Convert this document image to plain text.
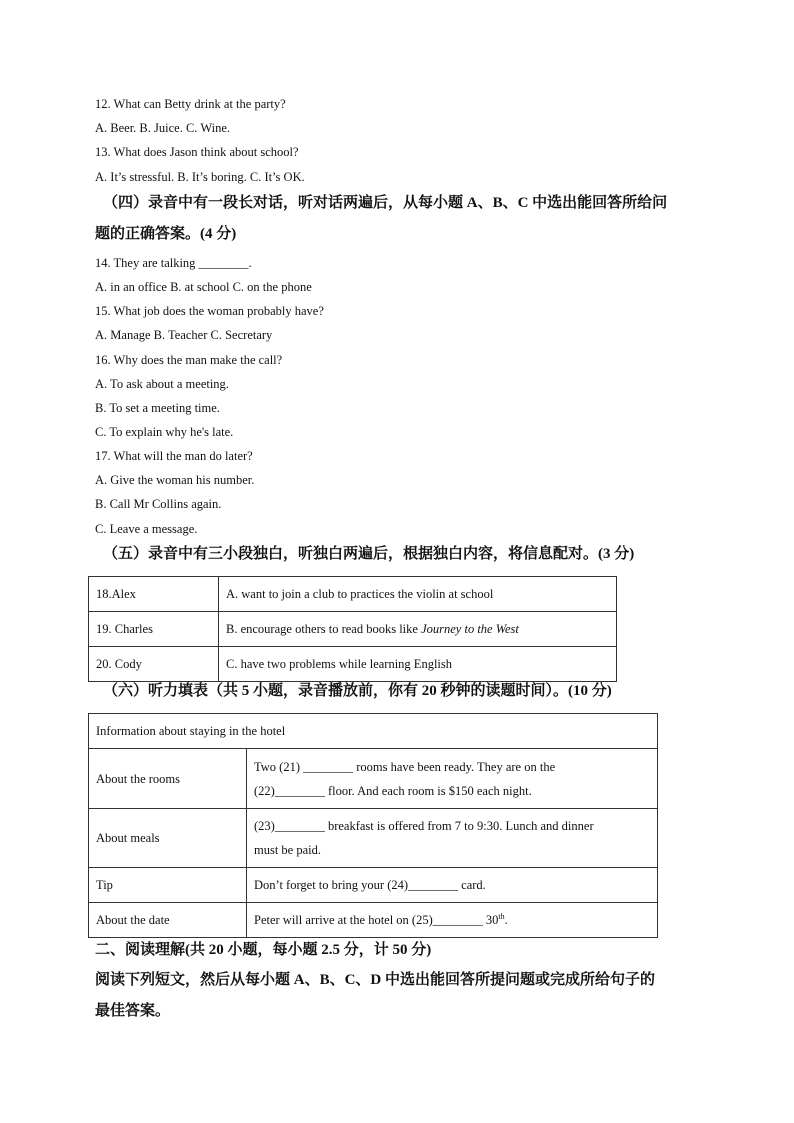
12. What can Betty drink at the party?
A. Beer. B. Juice. C. Wine.
13. What does Jason think about school?
A. It’s stressful. B. It’s boring. C. It’s OK.
（四）录音中有一段长对话，听对话两遍后，从每小题 A、B、C 中选出能回答所给问
题的正确答案。(4 分)
14. They are talking ________.
A. in an office B. at school C. on the phone
15. What job does the woman probably have?
A. Manage B. Teacher C. Secretary
16. Why does the man make the call?
A. To ask about a meeting.
B. To set a meeting time.
C. To explain why he's late.
17. What will the man do later?
A. Give the woman his number.
B. Call Mr Collins again.
C. Leave a message.
（五）录音中有三小段独白，听独白两遍后，根据独白内容，将信息配对。(3 分)
18.Alex	A. want to join a club to practices the violin at school
19. Charles	B. encourage others to read books like Journey to the West
20. Cody	C. have two problems while learning English
（六）听力填表（共 5 小题，录音播放前，你有 20 秒钟的读题时间）。(10 分)
Information about staying in the hotel	
About the rooms	Two (21) ________ rooms have been ready. They are on the
(22)________ floor. And each room is $150 each night.

About meals	(23)________ breakfast is offered from 7 to 9:30. Lunch and dinner
must be paid.

Tip	Don’t forget to bring your (24)________ card.
About the date	Peter will arrive at the hotel on (25)________ 30th.
二、阅读理解(共 20 小题，每小题 2.5 分，计 50 分)
阅读下列短文，然后从每小题 A、B、C、D 中选出能回答所提问题或完成所给句子的
最佳答案。
